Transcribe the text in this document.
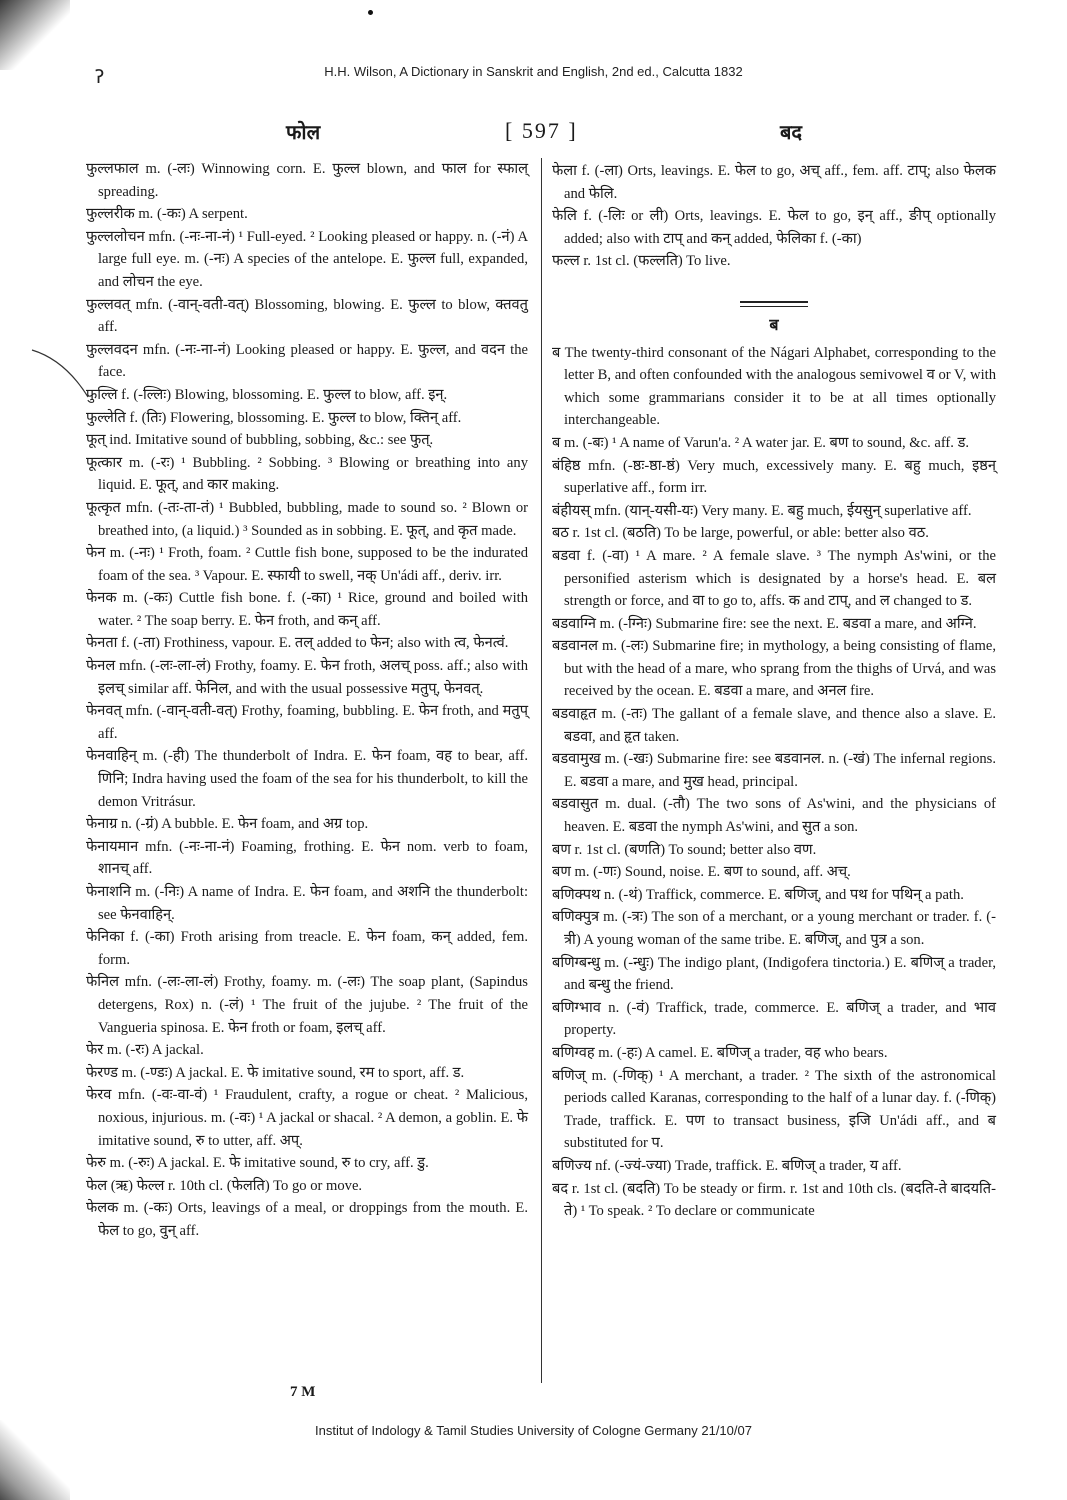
ॽ	H.H. Wilson, A Dictionary in Sanskrit and English, 2nd ed., Calcutta 1832
फोल	[ 597 ]	बद

फुल्लफाल m. (-लः) Winnowing corn. E. फुल्ल blown, and फाल for स्फाल् spreading.

फुल्लरीक m. (-कः) A serpent.

फुल्ललोचन mfn. (-नः-ना-नं) ¹ Full-eyed. ² Looking pleased or happy. n. (-नं) A large full eye. m. (-नः) A species of the antelope. E. फुल्ल full, expanded, and लोचन the eye.

फुल्लवत् mfn. (-वान्-वती-वत्) Blossoming, blowing. E. फुल्ल to blow, क्तवतु aff.

फुल्लवदन mfn. (-नः-ना-नं) Looking pleased or happy. E. फुल्ल, and वदन the face.

फुल्लि f. (-ल्लिः) Blowing, blossoming. E. फुल्ल to blow, aff. इन्.

फुल्लेति f. (तिः) Flowering, blossoming. E. फुल्ल to blow, क्तिन् aff.

फूत् ind. Imitative sound of bubbling, sobbing, &c.: see फुत्.

फूत्कार m. (-रः) ¹ Bubbling. ² Sobbing. ³ Blowing or breathing into any liquid. E. फूत्, and कार making.

फूत्कृत mfn. (-तः-ता-तं) ¹ Bubbled, bubbling, made to sound so. ² Blown or breathed into, (a liquid.) ³ Sounded as in sobbing. E. फूत्, and कृत made.

फेन m. (-नः) ¹ Froth, foam. ² Cuttle fish bone, supposed to be the indurated foam of the sea. ³ Vapour. E. स्फायी to swell, नक् Un'ádi aff., deriv. irr.

फेनक m. (-कः) Cuttle fish bone. f. (-का) ¹ Rice, ground and boiled with water. ² The soap berry. E. फेन froth, and कन् aff.

फेनता f. (-ता) Frothiness, vapour. E. तल् added to फेन; also with त्व, फेनत्वं.

फेनल mfn. (-लः-ला-लं) Frothy, foamy. E. फेन froth, अलच् poss. aff.; also with इलच् similar aff. फेनिल, and with the usual possessive मतुप्, फेनवत्.

फेनवत् mfn. (-वान्-वती-वत्) Frothy, foaming, bubbling. E. फेन froth, and मतुप् aff.

फेनवाहिन् m. (-ही) The thunderbolt of Indra. E. फेन foam, वह to bear, aff. णिनि; Indra having used the foam of the sea for his thunderbolt, to kill the demon Vritrásur.

फेनाग्र n. (-ग्रं) A bubble. E. फेन foam, and अग्र top.

फेनायमान mfn. (-नः-ना-नं) Foaming, frothing. E. फेन nom. verb to foam, शानच् aff.

फेनाशनि m. (-निः) A name of Indra. E. फेन foam, and अशनि the thunderbolt: see फेनवाहिन्.

फेनिका f. (-का) Froth arising from treacle. E. फेन foam, कन् added, fem. form.

फेनिल mfn. (-लः-ला-लं) Frothy, foamy. m. (-लः) The soap plant, (Sapindus detergens, Rox) n. (-लं) ¹ The fruit of the jujube. ² The fruit of the Vangueria spinosa. E. फेन froth or foam, इलच् aff.

फेर m. (-रः) A jackal.

फेरण्ड m. (-ण्डः) A jackal. E. फे imitative sound, रम to sport, aff. ड.

फेरव mfn. (-वः-वा-वं) ¹ Fraudulent, crafty, a rogue or cheat. ² Malicious, noxious, injurious. m. (-वः) ¹ A jackal or shacal. ² A demon, a goblin. E. फे imitative sound, रु to utter, aff. अप्.

फेरु m. (-रुः) A jackal. E. फे imitative sound, रु to cry, aff. डु.

फेल (ऋ) फेल्ल r. 10th cl. (फेलति) To go or move.

फेलक m. (-कः) Orts, leavings of a meal, or droppings from the mouth. E. फेल to go, वुन् aff.

फेला f. (-ला) Orts, leavings. E. फेल to go, अच् aff., fem. aff. टाप्; also फेलक and फेलि.

फेलि f. (-लिः or ली) Orts, leavings. E. फेल to go, इन् aff., ङीप् optionally added; also with टाप् and कन् added, फेलिका f. (-का)

फल्ल r. 1st cl. (फल्लति) To live.

ब

ब The twenty-third consonant of the Nágari Alphabet, corresponding to the letter B, and often confounded with the analogous semivowel व or V, with which some grammarians consider it to be at all times optionally interchangeable.

ब m. (-बः) ¹ A name of Varun'a. ² A water jar. E. बण to sound, &c. aff. ड.

बंहिष्ठ mfn. (-ष्ठः-ष्ठा-ष्ठं) Very much, excessively many. E. बहु much, इष्ठन् superlative aff., form irr.

बंहीयस् mfn. (यान्-यसी-यः) Very many. E. बहु much, ईयसुन् superlative aff.

बठ r. 1st cl. (बठति) To be large, powerful, or able: better also वठ.

बडवा f. (-वा) ¹ A mare. ² A female slave. ³ The nymph As'wini, or the personified asterism which is designated by a horse's head. E. बल strength or force, and वा to go to, affs. क and टाप्, and ल changed to ड.

बडवाग्नि m. (-ग्निः) Submarine fire: see the next. E. बडवा a mare, and अग्नि.

बडवानल m. (-लः) Submarine fire; in mythology, a being consisting of flame, but with the head of a mare, who sprang from the thighs of Urvá, and was received by the ocean. E. बडवा a mare, and अनल fire.

बडवाहृत m. (-तः) The gallant of a female slave, and thence also a slave. E. बडवा, and हृत taken.

बडवामुख m. (-खः) Submarine fire: see बडवानल. n. (-खं) The infernal regions. E. बडवा a mare, and मुख head, principal.

बडवासुत m. dual. (-तौ) The two sons of As'wini, and the physicians of heaven. E. बडवा the nymph As'wini, and सुत a son.

बण r. 1st cl. (बणति) To sound; better also वण.

बण m. (-णः) Sound, noise. E. बण to sound, aff. अच्.

बणिक्पथ n. (-थं) Traffick, commerce. E. बणिज्, and पथ for पथिन् a path.

बणिक्पुत्र m. (-त्रः) The son of a merchant, or a young merchant or trader. f. (-त्री) A young woman of the same tribe. E. बणिज्, and पुत्र a son.

बणिग्बन्धु m. (-न्धुः) The indigo plant, (Indigofera tinctoria.) E. बणिज् a trader, and बन्धु the friend.

बणिग्भाव n. (-वं) Traffick, trade, commerce. E. बणिज् a trader, and भाव property.

बणिग्वह m. (-हः) A camel. E. बणिज् a trader, वह who bears.

बणिज् m. (-णिक्) ¹ A merchant, a trader. ² The sixth of the astronomical periods called Karanas, corresponding to the half of a lunar day. f. (-णिक्) Trade, traffick. E. पण to transact business, इजि Un'ádi aff., and ब substituted for प.

बणिज्य nf. (-ज्यं-ज्या) Trade, traffick. E. बणिज् a trader, य aff.

बद r. 1st cl. (बदति) To be steady or firm. r. 1st and 10th cls. (बदति-ते बादयति-ते) ¹ To speak. ² To declare or communicate

7 M
Institut of Indology & Tamil Studies University of Cologne Germany 21/10/07
